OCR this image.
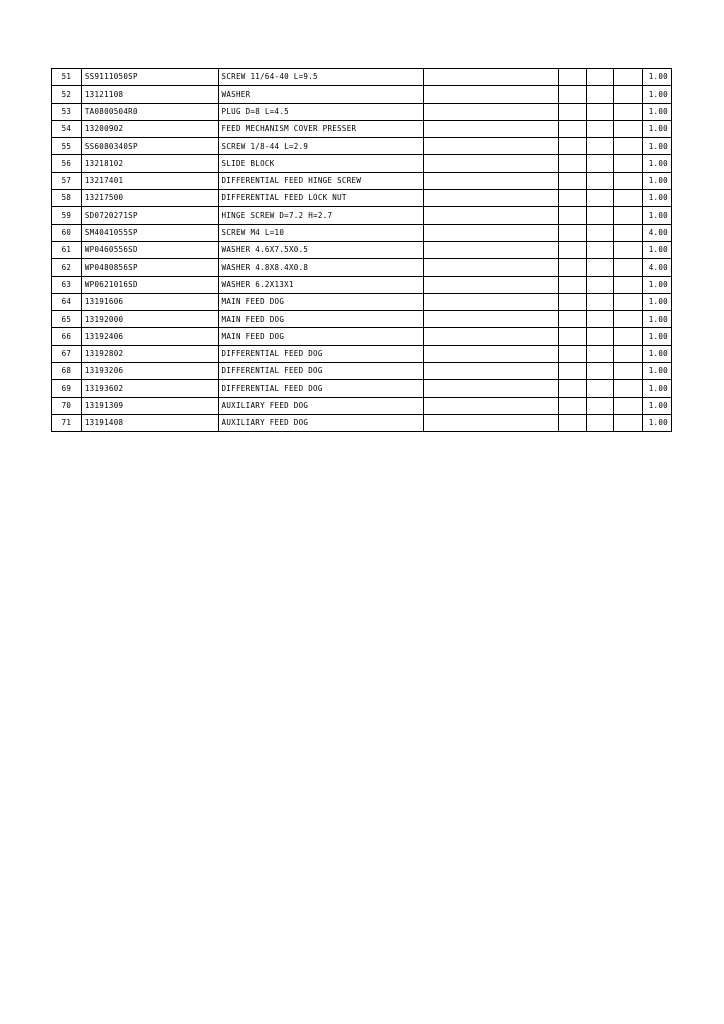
51	SS9111050SP	SCREW 11/64-40 L=9.5					1.00
52	13121108	WASHER					1.00
53	TA0800504R0	PLUG D=8 L=4.5					1.00
54	13200902	FEED MECHANISM COVER PRESSER					1.00
55	SS6080340SP	SCREW 1/8-44 L=2.9					1.00
56	13218102	SLIDE BLOCK					1.00
57	13217401	DIFFERENTIAL FEED HINGE SCREW					1.00
58	13217500	DIFFERENTIAL FEED LOCK NUT					1.00
59	SD0720271SP	HINGE SCREW D=7.2 H=2.7					1.00
60	SM4041055SP	SCREW M4 L=10					4.00
61	WP0460556SD	WASHER 4.6X7.5X0.5					1.00
62	WP0480856SP	WASHER 4.8X8.4X0.8					4.00
63	WP0621016SD	WASHER 6.2X13X1					1.00
64	13191606	MAIN FEED DOG					1.00
65	13192000	MAIN FEED DOG					1.00
66	13192406	MAIN FEED DOG					1.00
67	13192802	DIFFERENTIAL FEED DOG					1.00
68	13193206	DIFFERENTIAL FEED DOG					1.00
69	13193602	DIFFERENTIAL FEED DOG					1.00
70	13191309	AUXILIARY FEED DOG					1.00
71	13191408	AUXILIARY FEED DOG					1.00
